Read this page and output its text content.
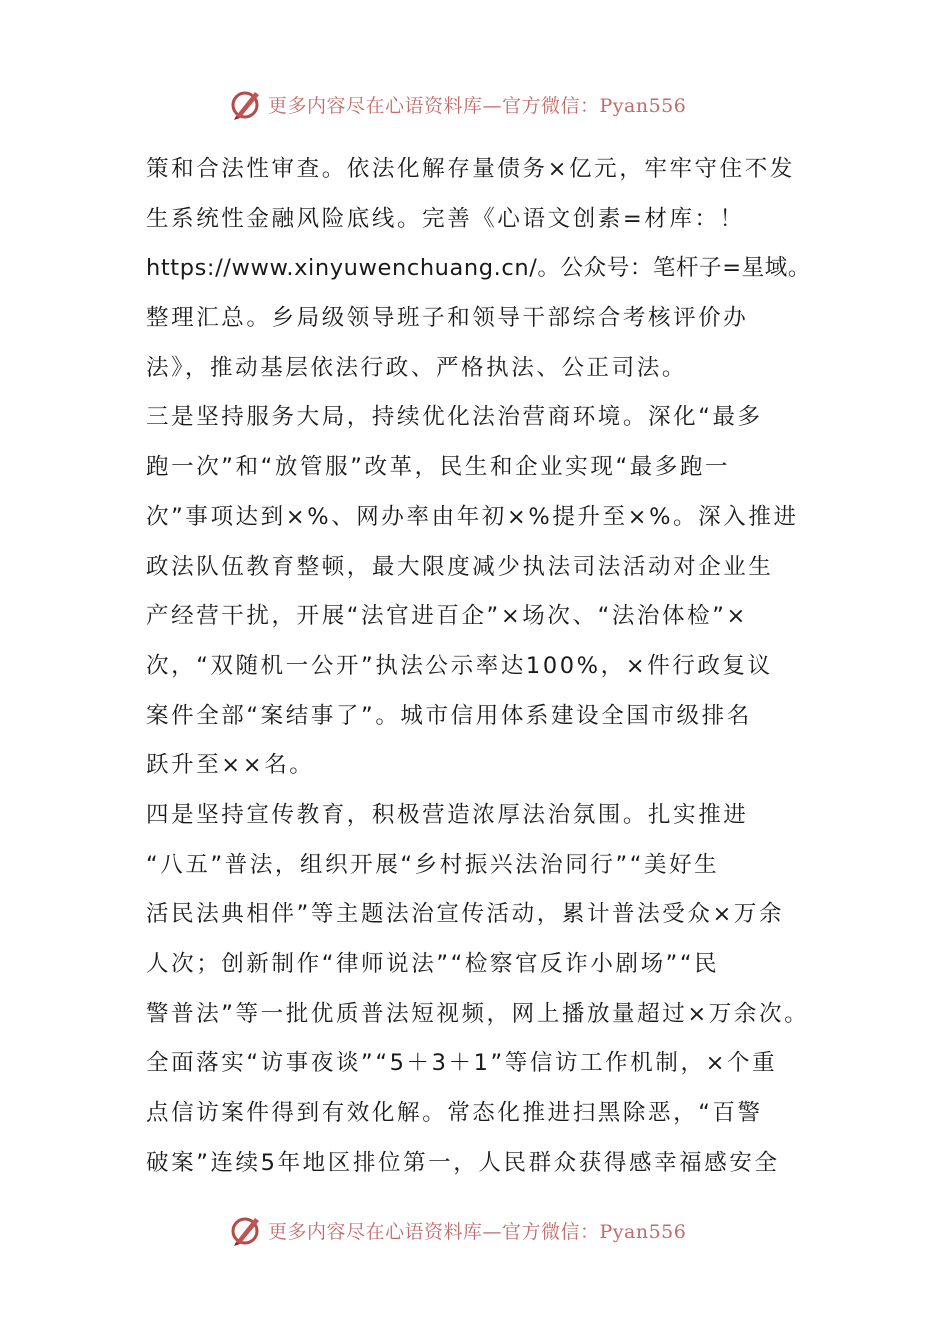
更多内容尽在心语资料库—官方微信：Pyan556
策和合法性审查。依法化解存量债务×亿元，牢牢守住不发
生系统性金融风险底线。完善《心语文创素=材库：！
https://www.xinyuwenchuang.cn/。公众号：笔杆子=星域。
整理汇总。乡局级领导班子和领导干部综合考核评价办
法》，推动基层依法行政、严格执法、公正司法。
三是坚持服务大局，持续优化法治营商环境。深化“最多
跑一次”和“放管服”改革，民生和企业实现“最多跑一
次”事项达到×%、网办率由年初×%提升至×%。深入推进
政法队伍教育整顿，最大限度减少执法司法活动对企业生
产经营干扰，开展“法官进百企”×场次、“法治体检”×
次，“双随机一公开”执法公示率达100%，×件行政复议
案件全部“案结事了”。城市信用体系建设全国市级排名
跃升至××名。
四是坚持宣传教育，积极营造浓厚法治氛围。扎实推进
“八五”普法，组织开展“乡村振兴法治同行”“美好生
活民法典相伴”等主题法治宣传活动，累计普法受众×万余
人次；创新制作“律师说法”“检察官反诈小剧场”“民
警普法”等一批优质普法短视频，网上播放量超过×万余次。
全面落实“访事夜谈”“5＋3＋1”等信访工作机制，×个重
点信访案件得到有效化解。常态化推进扫黑除恶，“百警
破案”连续5年地区排位第一，人民群众获得感幸福感安全
更多内容尽在心语资料库—官方微信：Pyan556
